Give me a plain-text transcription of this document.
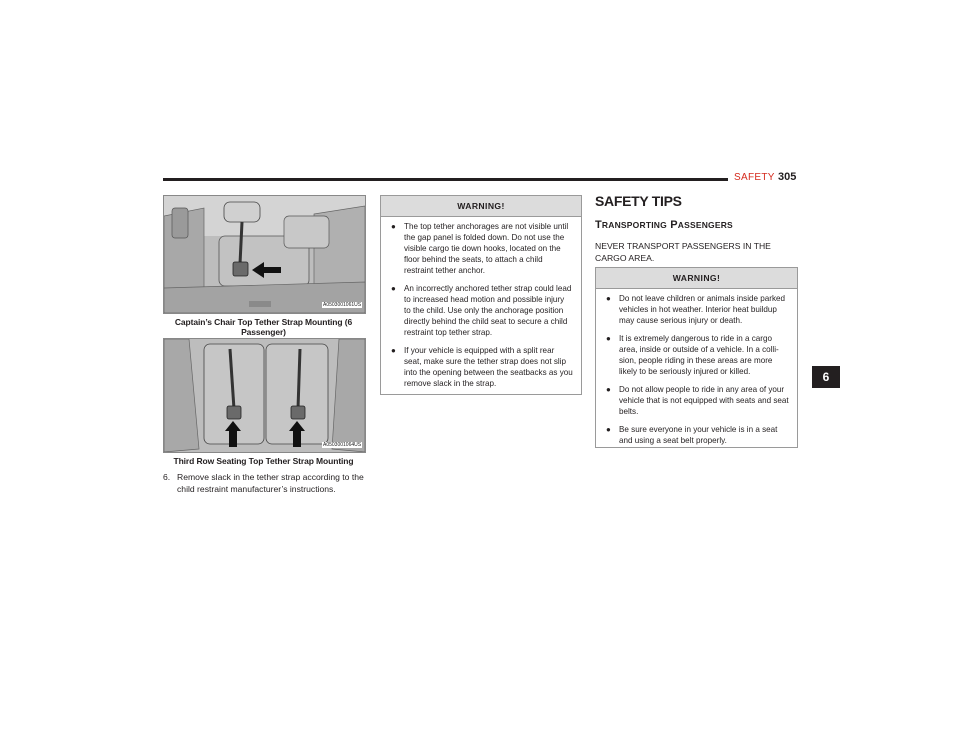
SAFETY 305
A0503001061US
Captain’s Chair Top Tether Strap Mounting (6 Passenger)
A0503001064US
Third Row Seating Top Tether Strap Mounting
6. Remove slack in the tether strap according to the child restraint manufacturer’s instructions.
WARNING!
● The top tether anchorages are not visible until the gap panel is folded down. Do not use the visible cargo tie down hooks, located on the floor behind the seats, to attach a child restraint tether anchor.
● An incorrectly anchored tether strap could lead to increased head motion and possible injury to the child. Use only the anchorage position directly behind the child seat to secure a child restraint top tether strap.
● If your vehicle is equipped with a split rear seat, make sure the tether strap does not slip into the opening between the seatbacks as you remove slack in the strap.
SAFETY TIPS
TRANSPORTING PASSENGERS
NEVER TRANSPORT PASSENGERS IN THE CARGO AREA.
WARNING!
● Do not leave children or animals inside parked vehicles in hot weather. Interior heat buildup may cause serious injury or death.
● It is extremely dangerous to ride in a cargo area, inside or outside of a vehicle. In a colli-sion, people riding in these areas are more likely to be seriously injured or killed.
● Do not allow people to ride in any area of your vehicle that is not equipped with seats and seat belts.
● Be sure everyone in your vehicle is in a seat and using a seat belt properly.
6
